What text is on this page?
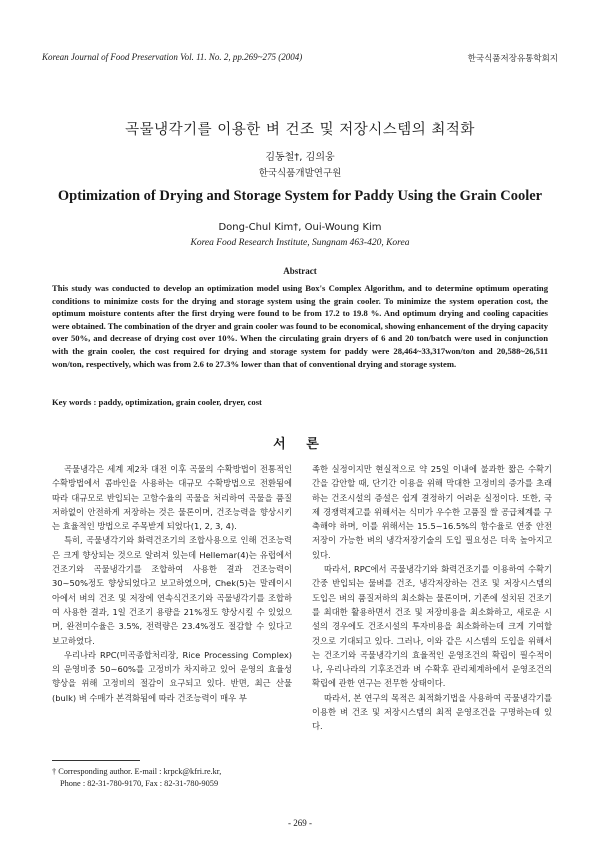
Korean Journal of Food Preservation Vol. 11. No. 2, pp.269~275 (2004)	한국식품저장유통학회지
곡물냉각기를 이용한 벼 건조 및 저장시스템의 최적화
김동철†, 김의웅
한국식품개발연구원
Optimization of Drying and Storage System for Paddy Using the Grain Cooler
Dong-Chul Kim†, Oui-Woung Kim
Korea Food Research Institute, Sungnam 463-420, Korea
Abstract
This study was conducted to develop an optimization model using Box's Complex Algorithm, and to determine optimum operating conditions to minimize costs for the drying and storage system using the grain cooler. To minimize the system operation cost, the optimum moisture contents after the first drying were found to be from 17.2 to 19.8 %. And optimum drying and cooling capacities were obtained. The combination of the dryer and grain cooler was found to be economical, showing enhancement of the drying capacity over 50%, and decrease of drying cost over 10%. When the circulating grain dryers of 6 and 20 ton/batch were used in conjunction with the grain cooler, the cost required for drying and storage system for paddy were 28,464~33,317won/ton and 20,588~26,511 won/ton, respectively, which was from 2.6 to 27.3% lower than that of conventional drying and storage system.
Key words : paddy, optimization, grain cooler, dryer, cost
서 론

곡물냉각은 세계 제2차 대전 이후 곡물의 수확방법이 전통적인 수확방법에서 콤바인을 사용하는 대규모 수확방법으로 전환됨에 따라 대규모로 반입되는 고함수율의 곡물을 처리하여 곡물을 품질저하없이 안전하게 저장하는 것은 물론이며, 건조능력을 향상시키는 효율적인 방법으로 주목받게 되었다(1, 2, 3, 4).

특히, 곡물냉각기와 화력건조기의 조합사용으로 인해 건조능력은 크게 향상되는 것으로 알려져 있는데 Hellemar(4)는 유럽에서 건조기와 곡물냉각기를 조합하여 사용한 결과 건조능력이 30~50%정도 향상되었다고 보고하였으며, Chek(5)는 말레이시아에서 벼의 건조 및 저장에 연속식건조기와 곡물냉각기를 조합하여 사용한 결과, 1일 건조기 용량을 21%정도 향상시킬 수 있었으며, 완전미수율은 3.5%, 전력량은 23.4%정도 절감할 수 있다고 보고하였다.

우리나라 RPC(미곡종합처리장, Rice Processing Complex)의 운영비중 50~60%를 고정비가 차지하고 있어 운영의 효율성 향상을 위해 고정비의 절감이 요구되고 있다. 반면, 최근 산물(bulk) 벼 수매가 본격화됨에 따라 건조능력이 매우 부

족한 실정이지만 현실적으로 약 25일 이내에 불과한 짧은 수확기간을 감안할 때, 단기간 이용을 위해 막대한 고정비의 증가를 초래하는 건조시설의 증설은 쉽게 결정하기 어려운 실정이다. 또한, 국제 경쟁력제고를 위해서는 식미가 우수한 고품질 쌀 공급체계를 구축해야 하며, 이를 위해서는 15.5~16.5%의 함수율로 연중 안전저장이 가능한 벼의 냉각저장기술의 도입 필요성은 더욱 높아지고 있다.

따라서, RPC에서 곡물냉각기와 화력건조기를 이용하여 수확기간중 반입되는 물벼를 건조, 냉각저장하는 건조 및 저장시스템의 도입은 벼의 품질저하의 최소화는 물론이며, 기존에 설치된 건조기를 최대한 활용하면서 건조 및 저장비용을 최소화하고, 새로운 시설의 경우에도 건조시설의 투자비용을 최소화하는데 크게 기여할 것으로 기대되고 있다. 그러나, 이와 같은 시스템의 도입을 위해서는 건조기와 곡물냉각기의 효율적인 운영조건의 확립이 필수적이나, 우리나라의 기후조건과 벼 수확후 관리체계하에서 운영조건의 확립에 관한 연구는 전무한 상태이다.

따라서, 본 연구의 목적은 최적화기법을 사용하여 곡물냉각기를 이용한 벼 건조 및 저장시스템의 최적 운영조건을 구명하는데 있다.

† Corresponding author. E-mail : krpck@kfri.re.kr,
Phone : 82-31-780-9170, Fax : 82-31-780-9059
- 269 -
